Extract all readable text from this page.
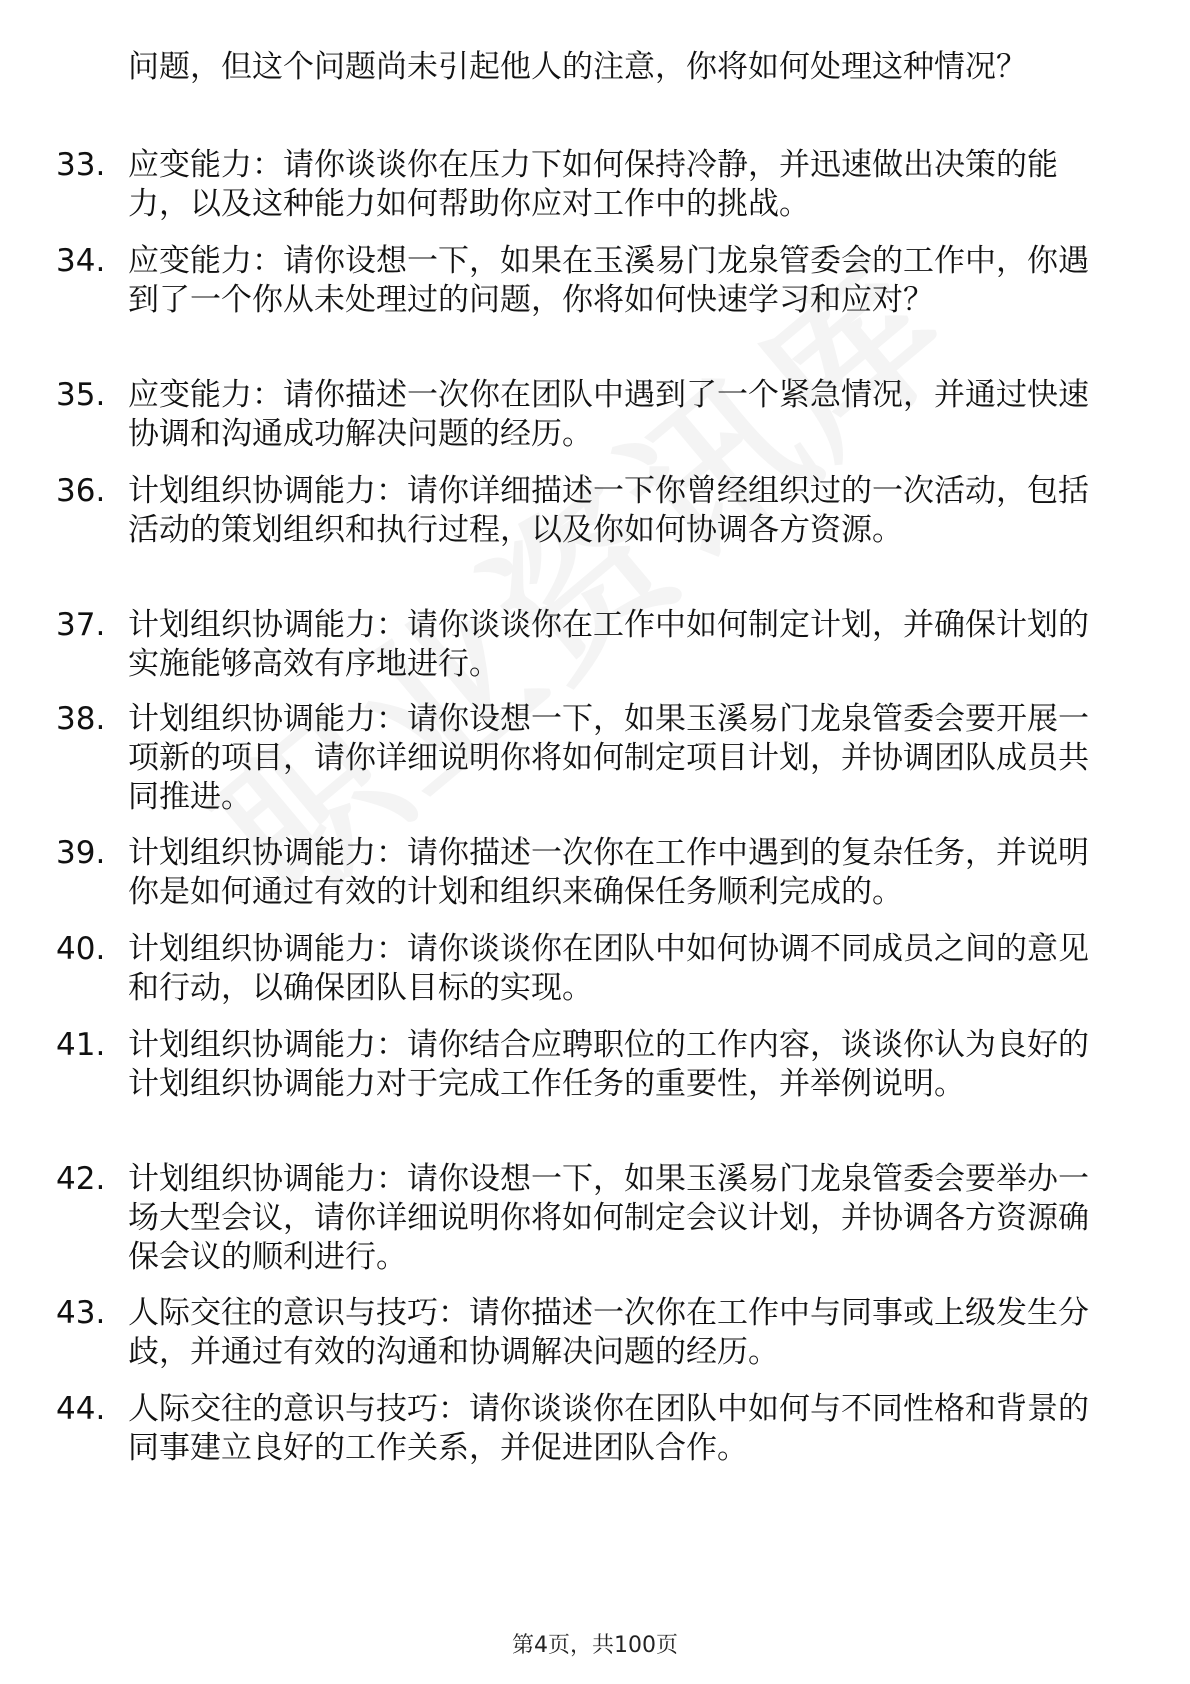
问题，但这个问题尚未引起他人的注意，你将如何处理这种情况？

33. 应变能力：请你谈谈你在压力下如何保持冷静，并迅速做出决策的能力，以及这种能力如何帮助你应对工作中的挑战。
34. 应变能力：请你设想一下，如果在玉溪易门龙泉管委会的工作中，你遇到了一个你从未处理过的问题，你将如何快速学习和应对？
35. 应变能力：请你描述一次你在团队中遇到了一个紧急情况，并通过快速协调和沟通成功解决问题的经历。
36. 计划组织协调能力：请你详细描述一下你曾经组织过的一次活动，包括活动的策划组织和执行过程，以及你如何协调各方资源。
37. 计划组织协调能力：请你谈谈你在工作中如何制定计划，并确保计划的实施能够高效有序地进行。
38. 计划组织协调能力：请你设想一下，如果玉溪易门龙泉管委会要开展一项新的项目，请你详细说明你将如何制定项目计划，并协调团队成员共同推进。
39. 计划组织协调能力：请你描述一次你在工作中遇到的复杂任务，并说明你是如何通过有效的计划和组织来确保任务顺利完成的。
40. 计划组织协调能力：请你谈谈你在团队中如何协调不同成员之间的意见和行动，以确保团队目标的实现。
41. 计划组织协调能力：请你结合应聘职位的工作内容，谈谈你认为良好的计划组织协调能力对于完成工作任务的重要性，并举例说明。
42. 计划组织协调能力：请你设想一下，如果玉溪易门龙泉管委会要举办一场大型会议，请你详细说明你将如何制定会议计划，并协调各方资源确保会议的顺利进行。
43. 人际交往的意识与技巧：请你描述一次你在工作中与同事或上级发生分歧，并通过有效的沟通和协调解决问题的经历。
44. 人际交往的意识与技巧：请你谈谈你在团队中如何与不同性格和背景的同事建立良好的工作关系，并促进团队合作。
第4页，共100页
